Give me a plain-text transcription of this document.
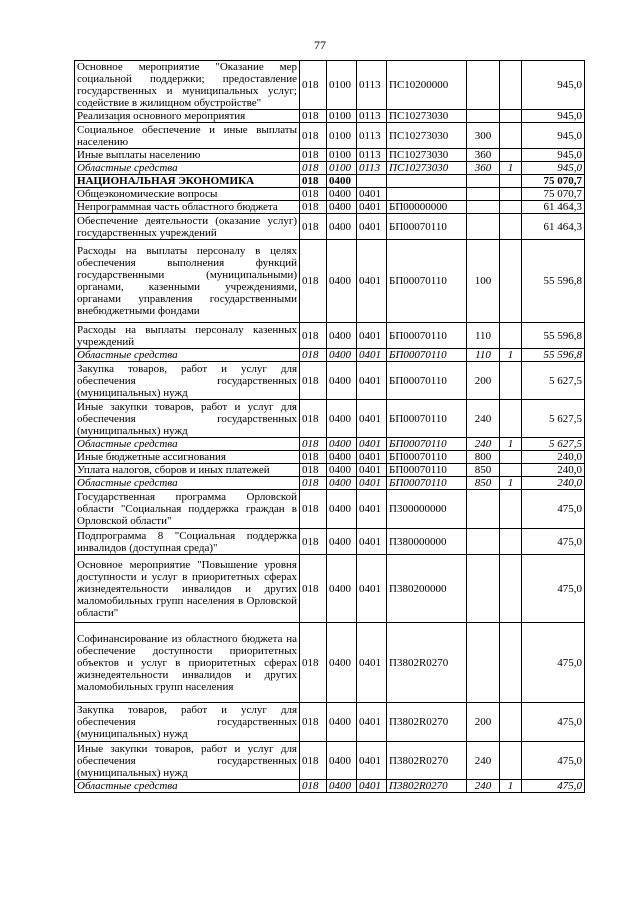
77
Основное мероприятие "Оказание мер социальной поддержки; предоставление государственных и муниципальных услуг; содействие в жилищном обустройстве"	018	0100	0113	ПС10200000			945,0
Реализация основного мероприятия	018	0100	0113	ПС10273030			945,0
Социальное обеспечение и иные выплаты населению	018	0100	0113	ПС10273030	300		945,0
Иные выплаты населению	018	0100	0113	ПС10273030	360		945,0
Областные средства	018	0100	0113	ПС10273030	360	1	945,0
НАЦИОНАЛЬНАЯ ЭКОНОМИКА	018	0400					75 070,7
Общеэкономические вопросы	018	0400	0401				75 070,7
Непрограммная часть областного бюджета	018	0400	0401	БП00000000			61 464,3
Обеспечение деятельности (оказание услуг) государственных учреждений	018	0400	0401	БП00070110			61 464,3
Расходы на выплаты персоналу в целях обеспечения выполнения функций государственными (муниципальными) органами, казенными учреждениями, органами управления государственными внебюджетными фондами	018	0400	0401	БП00070110	100		55 596,8
Расходы на выплаты персоналу казенных учреждений	018	0400	0401	БП00070110	110		55 596,8
Областные средства	018	0400	0401	БП00070110	110	1	55 596,8
Закупка товаров, работ и услуг для обеспечения государственных (муниципальных) нужд	018	0400	0401	БП00070110	200		5 627,5
Иные закупки товаров, работ и услуг для обеспечения государственных (муниципальных) нужд	018	0400	0401	БП00070110	240		5 627,5
Областные средства	018	0400	0401	БП00070110	240	1	5 627,5
Иные бюджетные ассигнования	018	0400	0401	БП00070110	800		240,0
Уплата налогов, сборов и иных платежей	018	0400	0401	БП00070110	850		240,0
Областные средства	018	0400	0401	БП00070110	850	1	240,0
Государственная программа Орловской области "Социальная поддержка граждан в Орловской области"	018	0400	0401	П300000000			475,0
Подпрограмма 8 "Социальная поддержка инвалидов (доступная среда)"	018	0400	0401	П380000000			475,0
Основное мероприятие "Повышение уровня доступности и услуг в приоритетных сферах жизнедеятельности инвалидов и других маломобильных групп населения в Орловской области"	018	0400	0401	П380200000			475,0
Софинансирование из областного бюджета на обеспечение доступности приоритетных объектов и услуг в приоритетных сферах жизнедеятельности инвалидов и других маломобильных групп населения	018	0400	0401	П3802R0270			475,0
Закупка товаров, работ и услуг для обеспечения государственных (муниципальных) нужд	018	0400	0401	П3802R0270	200		475,0
Иные закупки товаров, работ и услуг для обеспечения государственных (муниципальных) нужд	018	0400	0401	П3802R0270	240		475,0
Областные средства	018	0400	0401	П3802R0270	240	1	475,0
